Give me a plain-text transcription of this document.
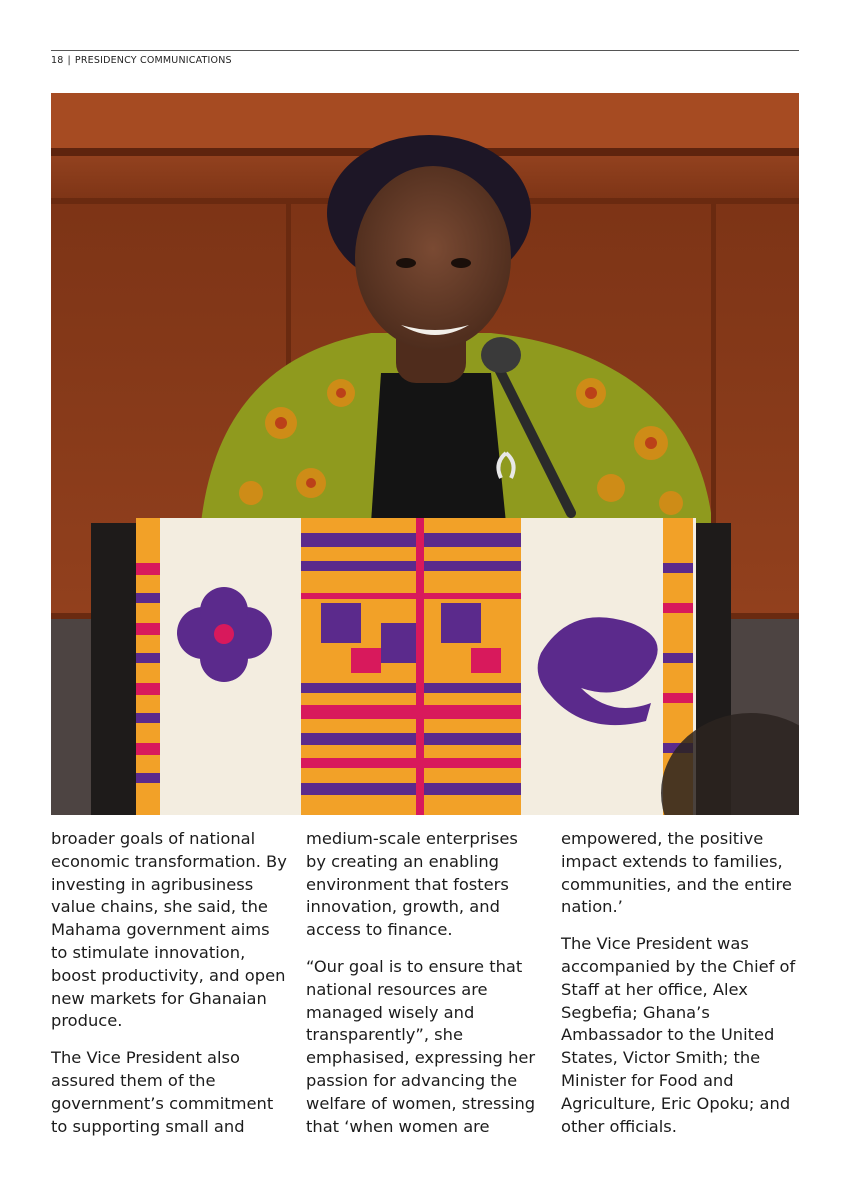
18 | PRESIDENCY COMMUNICATIONS

broader goals of national economic transformation. By investing in agribusiness value chains, she said, the Mahama government aims to stimulate innovation, boost productivity, and open new markets for Ghanaian produce.

The Vice President also assured them of the government’s commitment to supporting small and

medium-scale enterprises by creating an enabling environment that fosters innovation, growth, and access to finance.

“Our goal is to ensure that national resources are managed wisely and transparently”, she emphasised, expressing her passion for advancing the welfare of women, stressing that ‘when women are

empowered, the positive impact extends to families, communities, and the entire nation.’

The Vice President was accompanied by the Chief of Staff at her office, Alex Segbefia; Ghana’s Ambassador to the United States, Victor Smith; the Minister for Food and Agriculture, Eric Opoku; and other officials.
